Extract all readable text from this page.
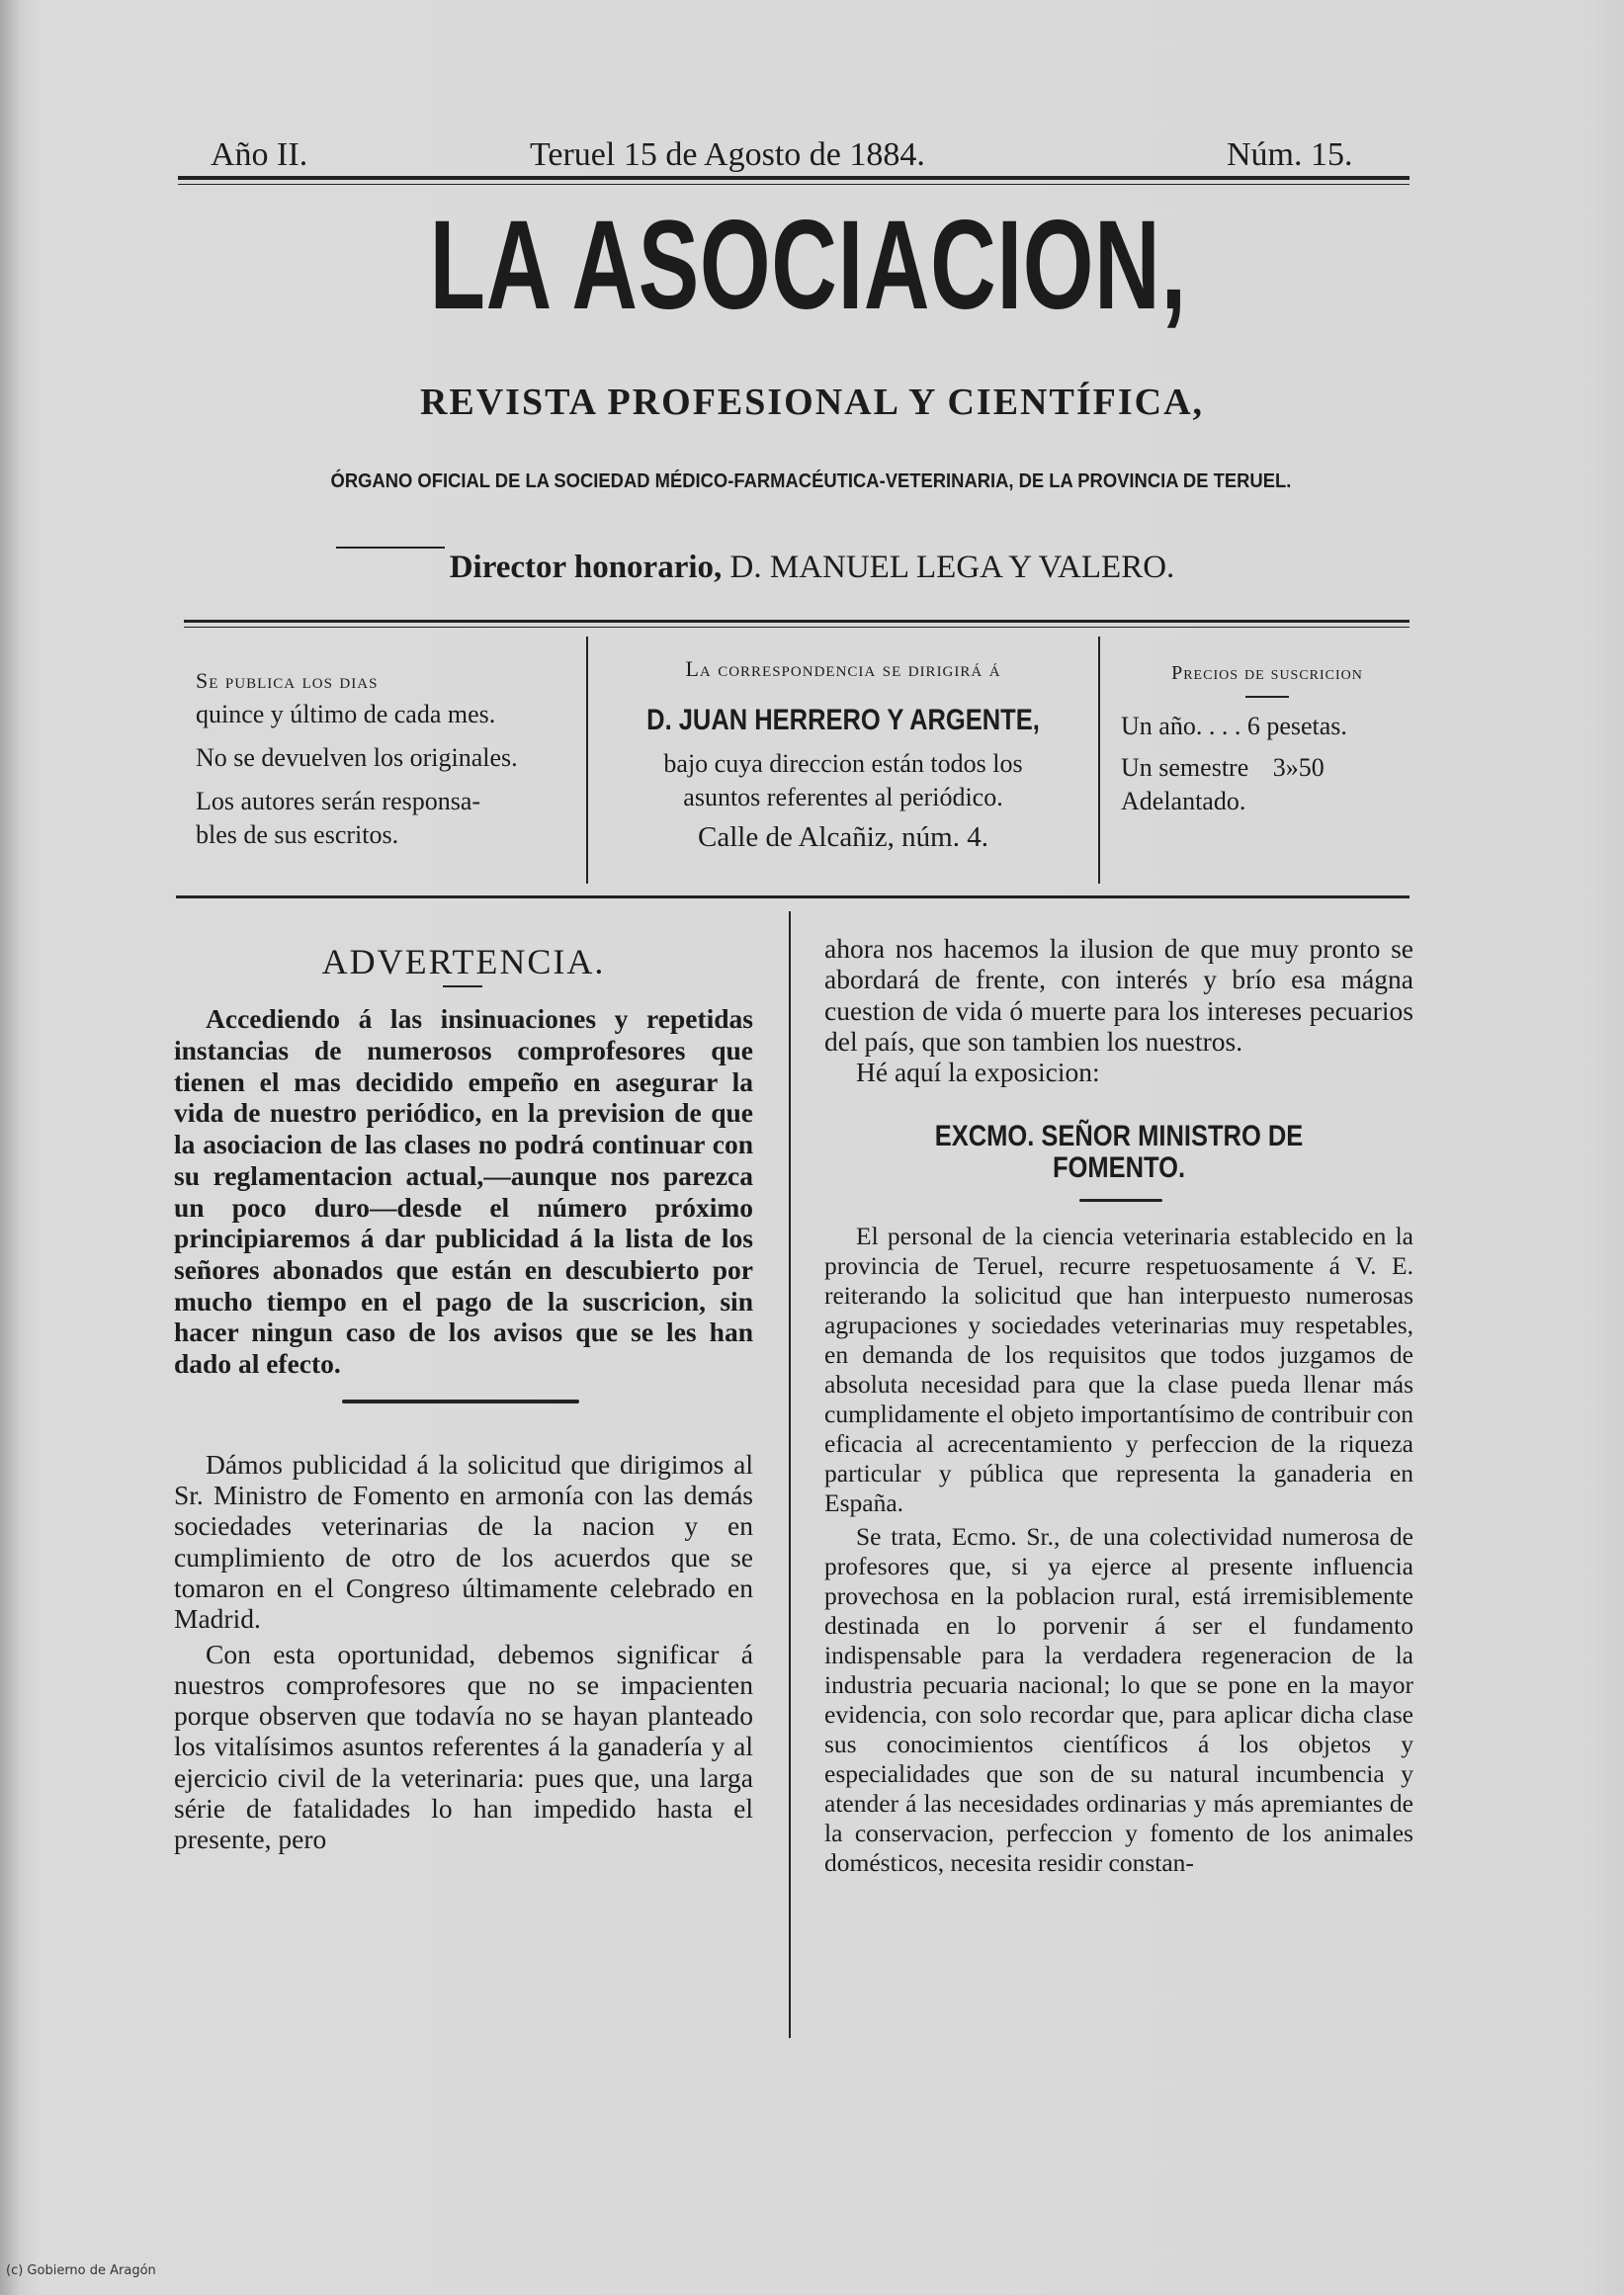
Año II.	Teruel 15 de Agosto de 1884.	Núm. 15.
LA ASOCIACION,
REVISTA PROFESIONAL Y CIENTÍFICA,
ÓRGANO OFICIAL DE LA SOCIEDAD MÉDICO-FARMACÉUTICA-VETERINARIA, DE LA PROVINCIA DE TERUEL.
Director honorario, D. MANUEL LEGA Y VALERO.
Se publica los dias
quince y último de cada mes.
No se devuelven los originales.
Los autores serán responsa-
bles de sus escritos.
La correspondencia se dirigirá á
D. JUAN HERRERO Y ARGENTE,
bajo cuya direccion están todos los
asuntos referentes al periódico.
Calle de Alcañiz, núm. 4.
Precios de suscricion
Un año. . . . 6 pesetas.
Un semestre 3»50
Adelantado.
ADVERTENCIA.

Accediendo á las insinuaciones y repetidas instancias de numerosos comprofesores que tienen el mas decidido empeño en asegurar la vida de nuestro periódico, en la prevision de que la asociacion de las clases no podrá continuar con su reglamentacion actual,—aunque nos parezca un poco duro—desde el número próximo principiaremos á dar publicidad á la lista de los señores abonados que están en descubierto por mucho tiempo en el pago de la suscricion, sin hacer ningun caso de los avisos que se les han dado al efecto.

Dámos publicidad á la solicitud que dirigimos al Sr. Ministro de Fomento en armonía con las demás sociedades veterinarias de la nacion y en cumplimiento de otro de los acuerdos que se tomaron en el Congreso últimamente celebrado en Madrid.

Con esta oportunidad, debemos significar á nuestros comprofesores que no se impacienten porque observen que todavía no se hayan planteado los vitalísimos asuntos referentes á la ganadería y al ejercicio civil de la veterinaria: pues que, una larga série de fatalidades lo han impedido hasta el presente, pero

ahora nos hacemos la ilusion de que muy pronto se abordará de frente, con interés y brío esa mágna cuestion de vida ó muerte para los intereses pecuarios del país, que son tambien los nuestros.

Hé aquí la exposicion:

EXCMO. SEÑOR MINISTRO DE FOMENTO.

El personal de la ciencia veterinaria establecido en la provincia de Teruel, recurre respetuosamente á V. E. reiterando la solicitud que han interpuesto numerosas agrupaciones y sociedades veterinarias muy respetables, en demanda de los requisitos que todos juzgamos de absoluta necesidad para que la clase pueda llenar más cumplidamente el objeto importantísimo de contribuir con eficacia al acrecentamiento y perfeccion de la riqueza particular y pública que representa la ganaderia en España.

Se trata, Ecmo. Sr., de una colectividad numerosa de profesores que, si ya ejerce al presente influencia provechosa en la poblacion rural, está irremisiblemente destinada en lo porvenir á ser el fundamento indispensable para la verdadera regeneracion de la industria pecuaria nacional; lo que se pone en la mayor evidencia, con solo recordar que, para aplicar dicha clase sus conocimientos científicos á los objetos y especialidades que son de su natural incumbencia y atender á las necesidades ordinarias y más apremiantes de la conservacion, perfeccion y fomento de los animales domésticos, necesita residir constan-

(c) Gobierno de Aragón
